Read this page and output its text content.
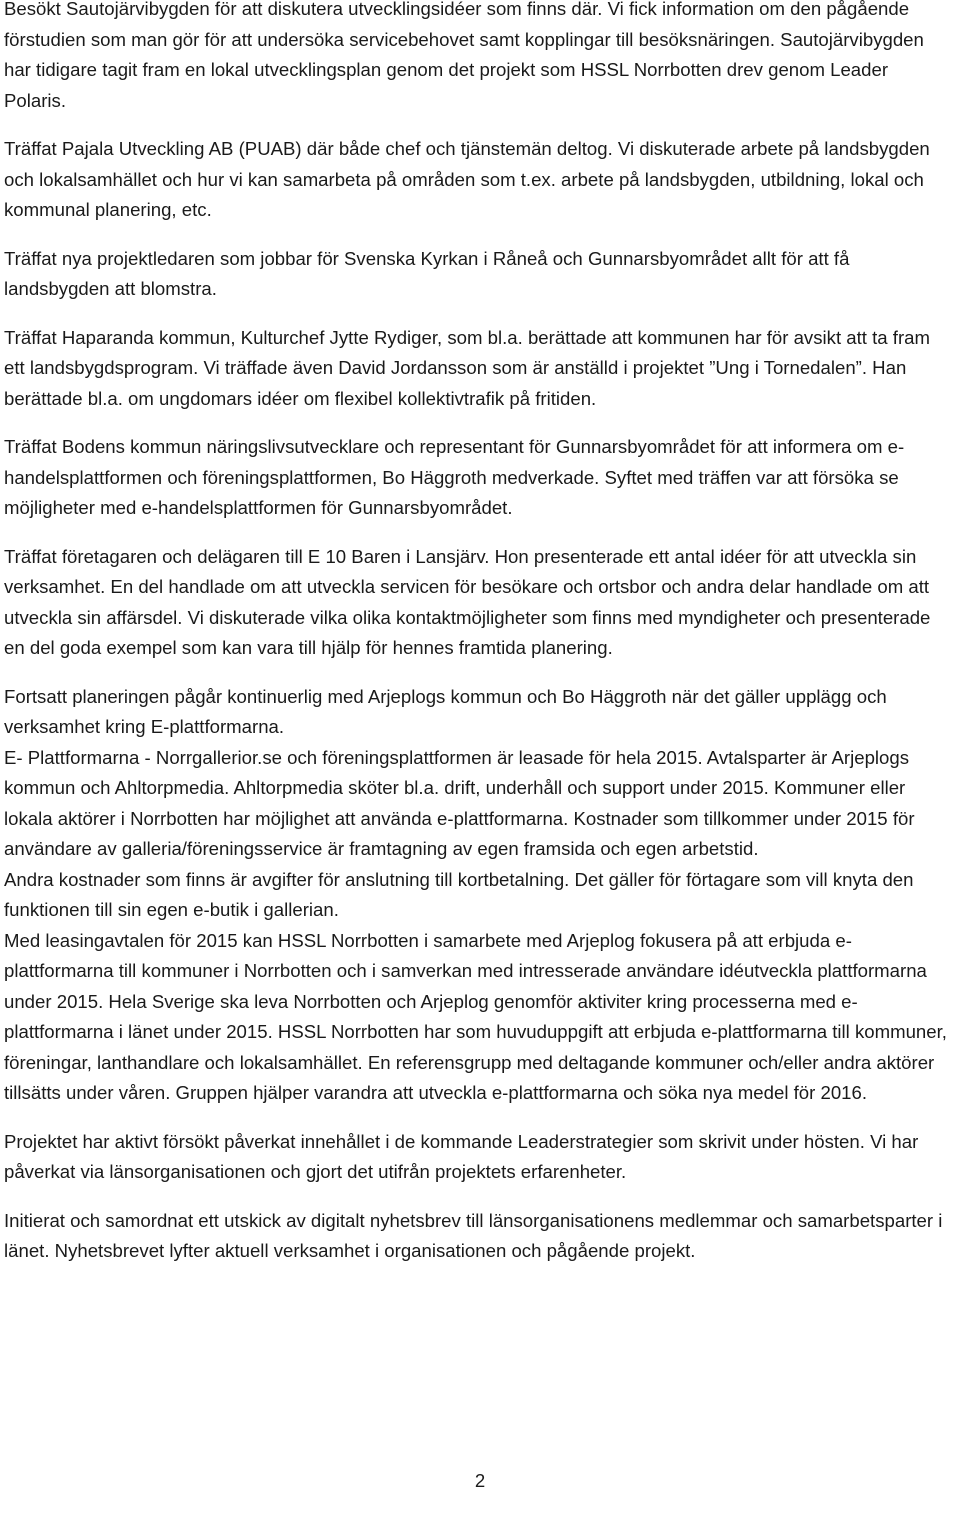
Besökt Sautojärvibygden för att diskutera utvecklingsidéer som finns där. Vi fick information om den pågående förstudien som man gör för att undersöka servicebehovet samt kopplingar till besöksnäringen. Sautojärvibygden har tidigare tagit fram en lokal utvecklingsplan genom det projekt som HSSL Norrbotten drev genom Leader Polaris.

Träffat Pajala Utveckling AB (PUAB) där både chef och tjänstemän deltog. Vi diskuterade arbete på landsbygden och lokalsamhället och hur vi kan samarbeta på områden som t.ex. arbete på landsbygden, utbildning, lokal och kommunal planering, etc.

Träffat nya projektledaren som jobbar för Svenska Kyrkan i Råneå och Gunnarsbyområdet allt för att få landsbygden att blomstra.

Träffat Haparanda kommun, Kulturchef Jytte Rydiger, som bl.a. berättade att kommunen har för avsikt att ta fram ett landsbygdsprogram. Vi träffade även David Jordansson som är anställd i projektet ”Ung i Tornedalen”. Han berättade bl.a. om ungdomars idéer om flexibel kollektivtrafik på fritiden.

Träffat Bodens kommun näringslivsutvecklare och representant för Gunnarsbyområdet för att informera om e-handelsplattformen och föreningsplattformen, Bo Häggroth medverkade. Syftet med träffen var att försöka se möjligheter med e-handelsplattformen för Gunnarsbyområdet.

Träffat företagaren och delägaren till E 10 Baren i Lansjärv. Hon presenterade ett antal idéer för att utveckla sin verksamhet. En del handlade om att utveckla servicen för besökare och ortsbor och andra delar handlade om att utveckla sin affärsdel. Vi diskuterade vilka olika kontaktmöjligheter som finns med myndigheter och presenterade en del goda exempel som kan vara till hjälp för hennes framtida planering.

Fortsatt planeringen pågår kontinuerlig med Arjeplogs kommun och Bo Häggroth när det gäller upplägg och verksamhet kring E-plattformarna.

E- Plattformarna - Norrgallerior.se och föreningsplattformen är leasade för hela 2015. Avtalsparter är Arjeplogs kommun och Ahltorpmedia. Ahltorpmedia sköter bl.a. drift, underhåll och support under 2015. Kommuner eller lokala aktörer i Norrbotten har möjlighet att använda e-plattformarna. Kostnader som tillkommer under 2015 för användare av galleria/föreningsservice är framtagning av egen framsida och egen arbetstid.

Andra kostnader som finns är avgifter för anslutning till kortbetalning. Det gäller för förtagare som vill knyta den funktionen till sin egen e-butik i gallerian.

Med leasingavtalen för 2015 kan HSSL Norrbotten i samarbete med Arjeplog fokusera på att erbjuda e-plattformarna till kommuner i Norrbotten och i samverkan med intresserade användare idéutveckla plattformarna under 2015. Hela Sverige ska leva Norrbotten och Arjeplog genomför aktiviter kring processerna med e-plattformarna i länet under 2015. HSSL Norrbotten har som huvuduppgift att erbjuda e-plattformarna till kommuner, föreningar, lanthandlare och lokalsamhället. En referensgrupp med deltagande kommuner och/eller andra aktörer tillsätts under våren. Gruppen hjälper varandra att utveckla e-plattformarna och söka nya medel för 2016.

Projektet har aktivt försökt påverkat innehållet i de kommande Leaderstrategier som skrivit under hösten. Vi har påverkat via länsorganisationen och gjort det utifrån projektets erfarenheter.

Initierat och samordnat ett utskick av digitalt nyhetsbrev till länsorganisationens medlemmar och samarbetsparter i länet. Nyhetsbrevet lyfter aktuell verksamhet i organisationen och pågående projekt.

2
